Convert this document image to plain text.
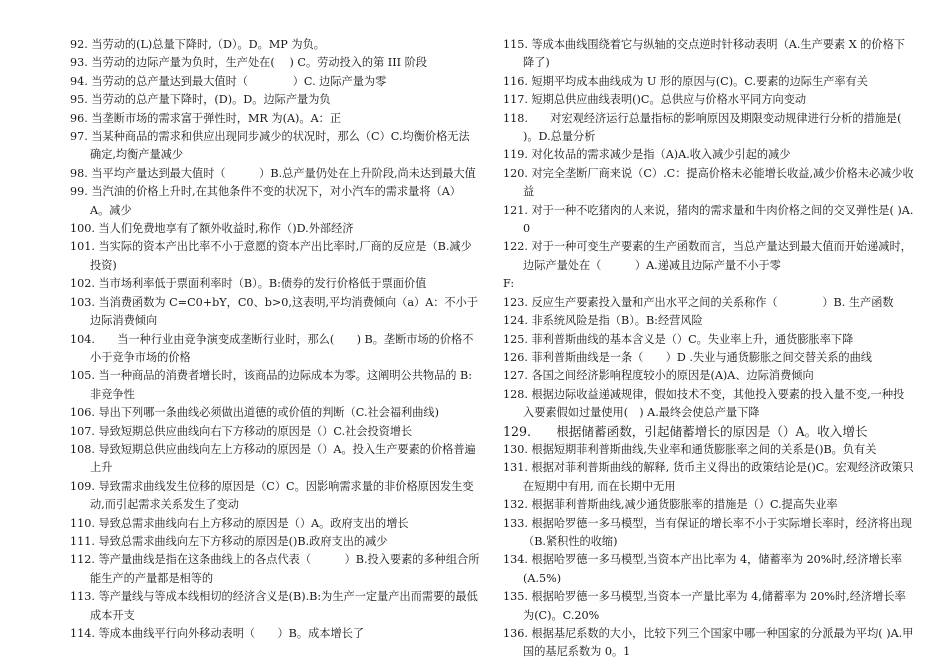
92. 当劳动的(L)总量下降时,（D）。D。MP 为负。
93. 当劳动的边际产量为负时，生产处在(　 ) C。劳动投入的第 III 阶段
94. 当劳动的总产量达到最大值时（　　　　）C. 边际产量为零
95. 当劳动的总产量下降时，(D)。D。边际产量为负
96. 当垄断市场的需求富于弹性时，MR 为(A)。A：正
97. 当某种商品的需求和供应出现同步减少的状况时，那么（C）C.均衡价格无法确定,均衡产量减少
98. 当平均产量达到最大值时（　　　）B.总产量仍处在上升阶段,尚未达到最大值
99. 当汽油的价格上升时,在其他条件不变的状况下，对小汽车的需求量将（A）A。减少
100. 当人们免费地享有了额外收益时,称作（)D.外部经济
101. 当实际的资本产出比率不小于意愿的资本产出比率时,厂商的反应是（B.减少投资)
102. 当市场利率低于票面利率时（B）。B:债券的发行价格低于票面价值
103. 当消费函数为 C=C0+bY，C0、b>0,这表明,平均消费倾向（a）A：不小于边际消费倾向
104.　　当一种行业由竞争演变成垄断行业时，那么(　　) B。垄断市场的价格不小于竞争市场的价格
105. 当一种商品的消费者增长时，该商品的边际成本为零。这阐明公共物品的 B:非竞争性
106. 导出下列哪一条曲线必须做出道德的或价值的判断（C.社会福利曲线)
107. 导致短期总供应曲线向右下方移动的原因是（）C.社会投资增长
108. 导致短期总供应曲线向左上方移动的原因是（）A。投入生产要素的价格普遍上升
109. 导致需求曲线发生位移的原因是（C）C。因影响需求量的非价格原因发生变动,而引起需求关系发生了变动
110. 导致总需求曲线向右上方移动的原因是（）A。政府支出的增长
111. 导致总需求曲线向左下方移动的原因是()B.政府支出的减少
112. 等产量曲线是指在这条曲线上的各点代表（　　　）B.投入要素的多种组合所能生产的产量都是相等的
113. 等产量线与等成本线相切的经济含义是(B).B:为生产一定量产出而需要的最低成本开支
114. 等成本曲线平行向外移动表明（　　）B。成本增长了
115. 等成本曲线围绕着它与纵轴的交点逆时针移动表明（A.生产要素 X 的价格下降了)
116. 短期平均成本曲线成为 U 形的原因与(C)。C.要素的边际生产率有关
117. 短期总供应曲线表明()C。总供应与价格水平同方向变动
118.　　对宏观经济运行总量指标的影响原因及期限变动规律进行分析的措施是( )。D.总量分析
119. 对化妆品的需求减少是指（A)A.收入减少引起的减少
120. 对完全垄断厂商来说（C）.C：提高价格未必能增长收益,减少价格未必减少收益
121. 对于一种不吃猪肉的人来说，猪肉的需求量和牛肉价格之间的交叉弹性是( )A.0
122. 对于一种可变生产要素的生产函数而言，当总产量达到最大值而开始递减时，边际产量处在（　　　）A.递减且边际产量不小于零
F:
123. 反应生产要素投入量和产出水平之间的关系称作（　　　　）B. 生产函数
124. 非系统风险是指（B）。B:经营风险
125. 菲利普斯曲线的基本含义是（）C。失业率上升，通货膨胀率下降
126. 菲利普斯曲线是一条（　　）D .失业与通货膨胀之间交替关系的曲线
127. 各国之间经济影响程度较小的原因是(A)A、边际消费倾向
128. 根据边际收益递减规律，假如技术不变，其他投入要素的投入量不变,一种投入要素假如过量使用(　) A.最终会使总产量下降
129.　　根据储蓄函数，引起储蓄增长的原因是（）A。收入增长
130. 根据短期菲利普斯曲线,失业率和通货膨胀率之间的关系是()B。负有关
131. 根据对菲利普斯曲线的解释, 货币主义得出的政策结论是()C。宏观经济政策只在短期中有用, 而在长期中无用
132. 根据菲利普斯曲线,减少通货膨胀率的措施是（）C.提高失业率
133. 根据哈罗德一多马模型，当有保证的增长率不小于实际增长率时，经济将出现（B.紧积性的收缩)
134. 根据哈罗德一多马模型,当资本产出比率为 4，储蓄率为 20%时,经济增长率(A.5%)
135. 根据哈罗德一多马模型,当资本一产量比率为 4,储蓄率为 20%时,经济增长率为(C)。C.20%
136. 根据基尼系数的大小，比较下列三个国家中哪一种国家的分派最为平均( )A.甲国的基尼系数为 0。1
